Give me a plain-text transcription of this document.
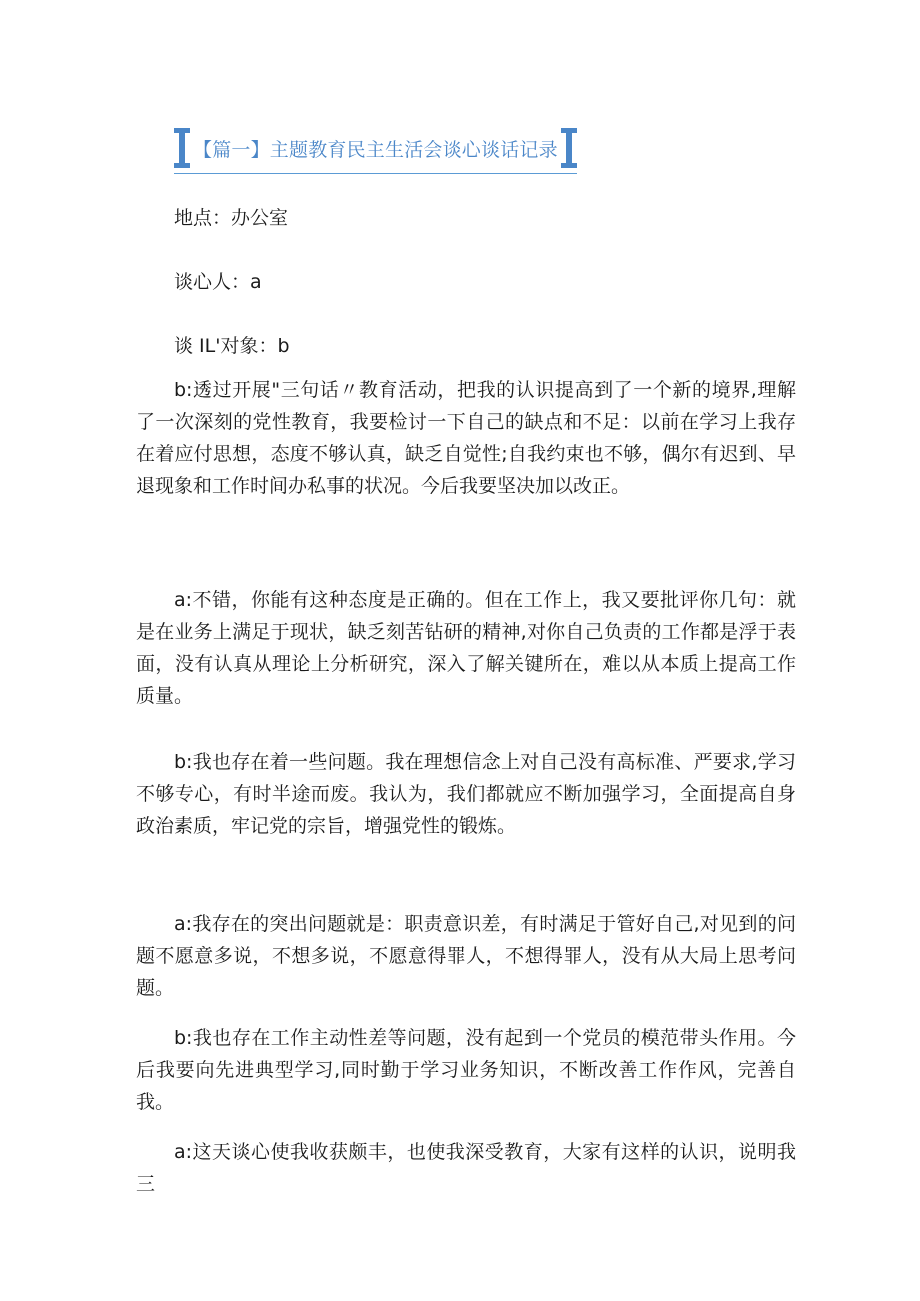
【篇一】主题教育民主生活会谈心谈话记录
地点：办公室
谈心人：a
谈 IL'对象：b

b:透过开展"三句话〃教育活动，把我的认识提高到了一个新的境界,理解了一次深刻的党性教育，我要检讨一下自己的缺点和不足：以前在学习上我存在着应付思想，态度不够认真，缺乏自觉性;自我约束也不够，偶尔有迟到、早退现象和工作时间办私事的状况。今后我要坚决加以改正。

a:不错，你能有这种态度是正确的。但在工作上，我又要批评你几句：就是在业务上满足于现状，缺乏刻苦钻研的精神,对你自己负责的工作都是浮于表面，没有认真从理论上分析研究，深入了解关键所在，难以从本质上提高工作质量。

b:我也存在着一些问题。我在理想信念上对自己没有高标准、严要求,学习不够专心，有时半途而废。我认为，我们都就应不断加强学习，全面提高自身政治素质，牢记党的宗旨，增强党性的锻炼。

a:我存在的突出问题就是：职责意识差，有时满足于管好自己,对见到的问题不愿意多说，不想多说，不愿意得罪人，不想得罪人，没有从大局上思考问题。

b:我也存在工作主动性差等问题，没有起到一个党员的模范带头作用。今后我要向先进典型学习,同时勤于学习业务知识，不断改善工作作风，完善自我。

a:这天谈心使我收获颇丰，也使我深受教育，大家有这样的认识，说明我三
